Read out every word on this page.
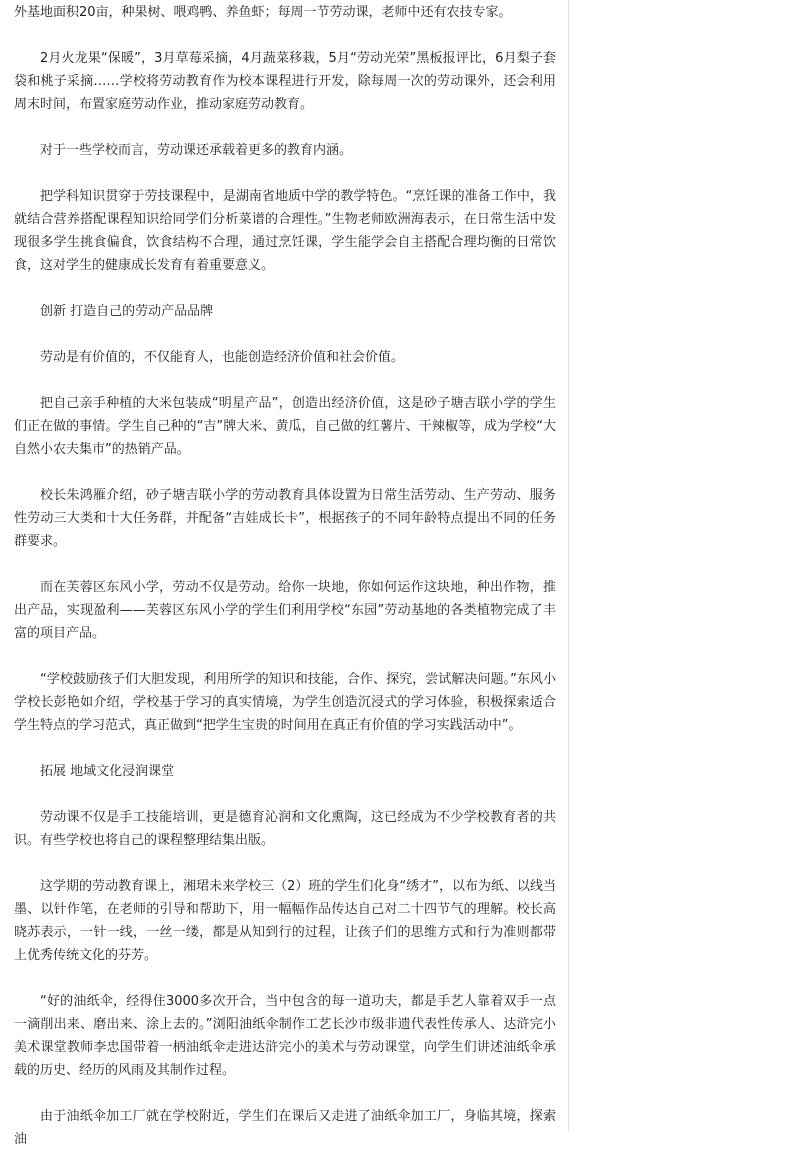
外基地面积20亩，种果树、喂鸡鸭、养鱼虾；每周一节劳动课，老师中还有农技专家。

2月火龙果“保暖”，3月草莓采摘，4月蔬菜移栽，5月“劳动光荣”黑板报评比，6月梨子套袋和桃子采摘……学校将劳动教育作为校本课程进行开发，除每周一次的劳动课外，还会利用周末时间，布置家庭劳动作业，推动家庭劳动教育。

对于一些学校而言，劳动课还承载着更多的教育内涵。

把学科知识贯穿于劳技课程中，是湖南省地质中学的教学特色。“烹饪课的准备工作中，我就结合营养搭配课程知识给同学们分析菜谱的合理性。”生物老师欧洲海表示，在日常生活中发现很多学生挑食偏食，饮食结构不合理，通过烹饪课，学生能学会自主搭配合理均衡的日常饮食，这对学生的健康成长发育有着重要意义。

创新 打造自己的劳动产品品牌

劳动是有价值的，不仅能育人，也能创造经济价值和社会价值。

把自己亲手种植的大米包装成“明星产品”，创造出经济价值，这是砂子塘吉联小学的学生们正在做的事情。学生自己种的“吉”牌大米、黄瓜，自己做的红薯片、干辣椒等，成为学校“大自然小农夫集市”的热销产品。

校长朱鸿雁介绍，砂子塘吉联小学的劳动教育具体设置为日常生活劳动、生产劳动、服务性劳动三大类和十大任务群，并配备“吉娃成长卡”，根据孩子的不同年龄特点提出不同的任务群要求。

而在芙蓉区东风小学，劳动不仅是劳动。给你一块地，你如何运作这块地，种出作物，推出产品，实现盈利——芙蓉区东风小学的学生们利用学校“东园”劳动基地的各类植物完成了丰富的项目产品。

“学校鼓励孩子们大胆发现，利用所学的知识和技能，合作、探究，尝试解决问题。”东风小学校长彭艳如介绍，学校基于学习的真实情境，为学生创造沉浸式的学习体验，积极探索适合学生特点的学习范式，真正做到“把学生宝贵的时间用在真正有价值的学习实践活动中”。

拓展 地域文化浸润课堂

劳动课不仅是手工技能培训，更是德育沁润和文化熏陶，这已经成为不少学校教育者的共识。有些学校也将自己的课程整理结集出版。

这学期的劳动教育课上，湘珺未来学校三（2）班的学生们化身“绣才”，以布为纸、以线当墨、以针作笔，在老师的引导和帮助下，用一幅幅作品传达自己对二十四节气的理解。校长高晓苏表示，一针一线，一丝一缕，都是从知到行的过程，让孩子们的思维方式和行为准则都带上优秀传统文化的芬芳。

“好的油纸伞，经得住3000多次开合，当中包含的每一道功夫，都是手艺人靠着双手一点一滴削出来、磨出来、涂上去的。”浏阳油纸伞制作工艺长沙市级非遗代表性传承人、达浒完小美术课堂教师李忠国带着一柄油纸伞走进达浒完小的美术与劳动课堂，向学生们讲述油纸伞承载的历史、经历的风雨及其制作过程。

由于油纸伞加工厂就在学校附近，学生们在课后又走进了油纸伞加工厂，身临其境，探索油
